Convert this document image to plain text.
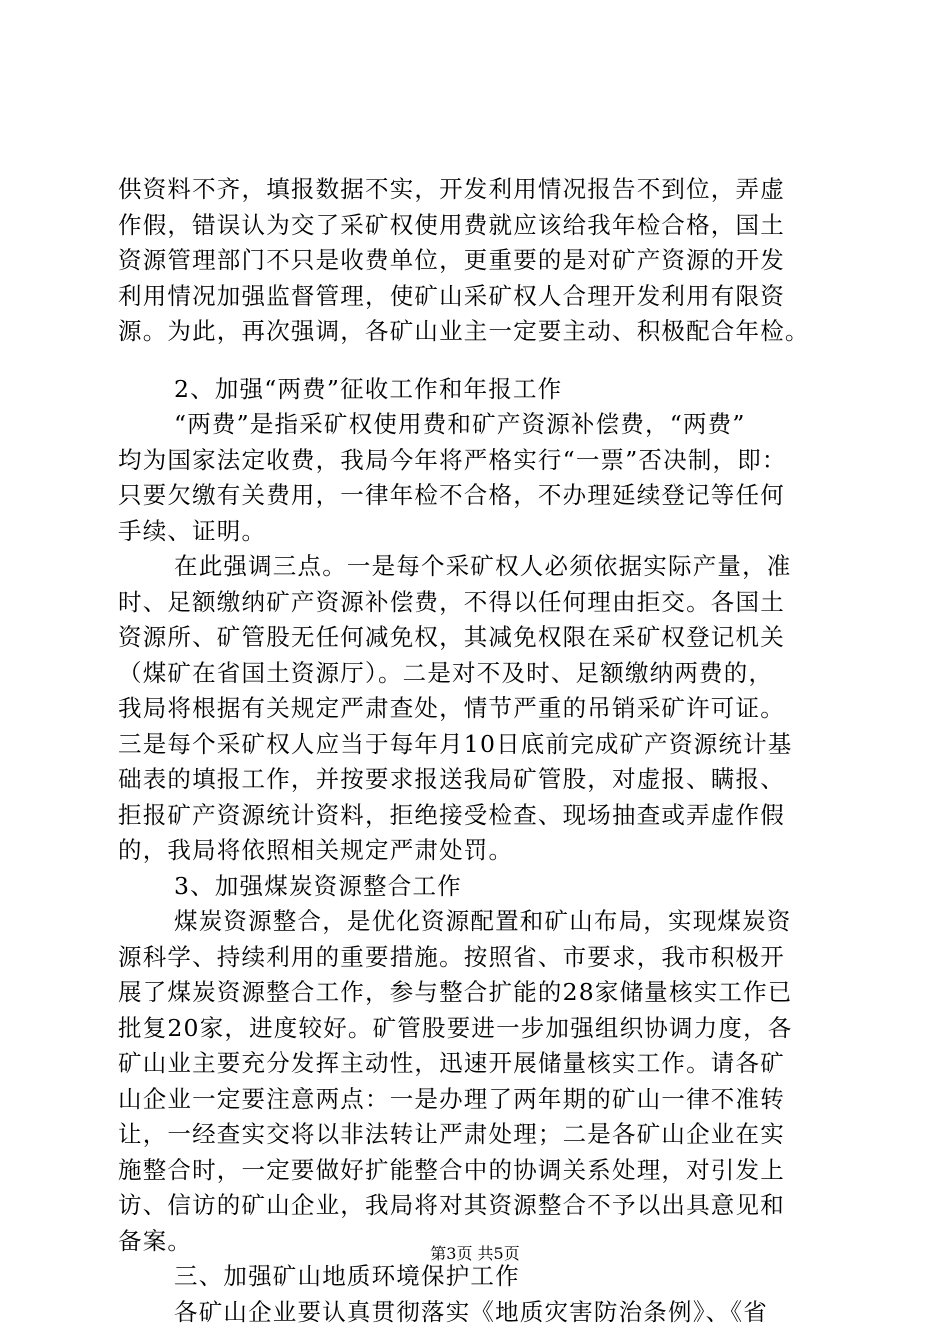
供资料不齐，填报数据不实，开发利用情况报告不到位，弄虚
作假，错误认为交了采矿权使用费就应该给我年检合格，国土
资源管理部门不只是收费单位，更重要的是对矿产资源的开发
利用情况加强监督管理，使矿山采矿权人合理开发利用有限资
源。为此，再次强调，各矿山业主一定要主动、积极配合年检。
2、加强“两费”征收工作和年报工作
“两费”是指采矿权使用费和矿产资源补偿费，“两费”
均为国家法定收费，我局今年将严格实行“一票”否决制，即：
只要欠缴有关费用，一律年检不合格，不办理延续登记等任何
手续、证明。
在此强调三点。一是每个采矿权人必须依据实际产量，准
时、足额缴纳矿产资源补偿费，不得以任何理由拒交。各国土
资源所、矿管股无任何减免权，其减免权限在采矿权登记机关
（煤矿在省国土资源厅）。二是对不及时、足额缴纳两费的，
我局将根据有关规定严肃查处，情节严重的吊销采矿许可证。
三是每个采矿权人应当于每年月10日底前完成矿产资源统计基
础表的填报工作，并按要求报送我局矿管股，对虚报、瞒报、
拒报矿产资源统计资料，拒绝接受检查、现场抽查或弄虚作假
的，我局将依照相关规定严肃处罚。
3、加强煤炭资源整合工作
煤炭资源整合，是优化资源配置和矿山布局，实现煤炭资
源科学、持续利用的重要措施。按照省、市要求，我市积极开
展了煤炭资源整合工作，参与整合扩能的28家储量核实工作已
批复20家，进度较好。矿管股要进一步加强组织协调力度，各
矿山业主要充分发挥主动性，迅速开展储量核实工作。请各矿
山企业一定要注意两点：一是办理了两年期的矿山一律不准转
让，一经查实交将以非法转让严肃处理；二是各矿山企业在实
施整合时，一定要做好扩能整合中的协调关系处理，对引发上
访、信访的矿山企业，我局将对其资源整合不予以出具意见和
备案。
三、加强矿山地质环境保护工作
各矿山企业要认真贯彻落实《地质灾害防治条例》、《省
第3页 共5页
